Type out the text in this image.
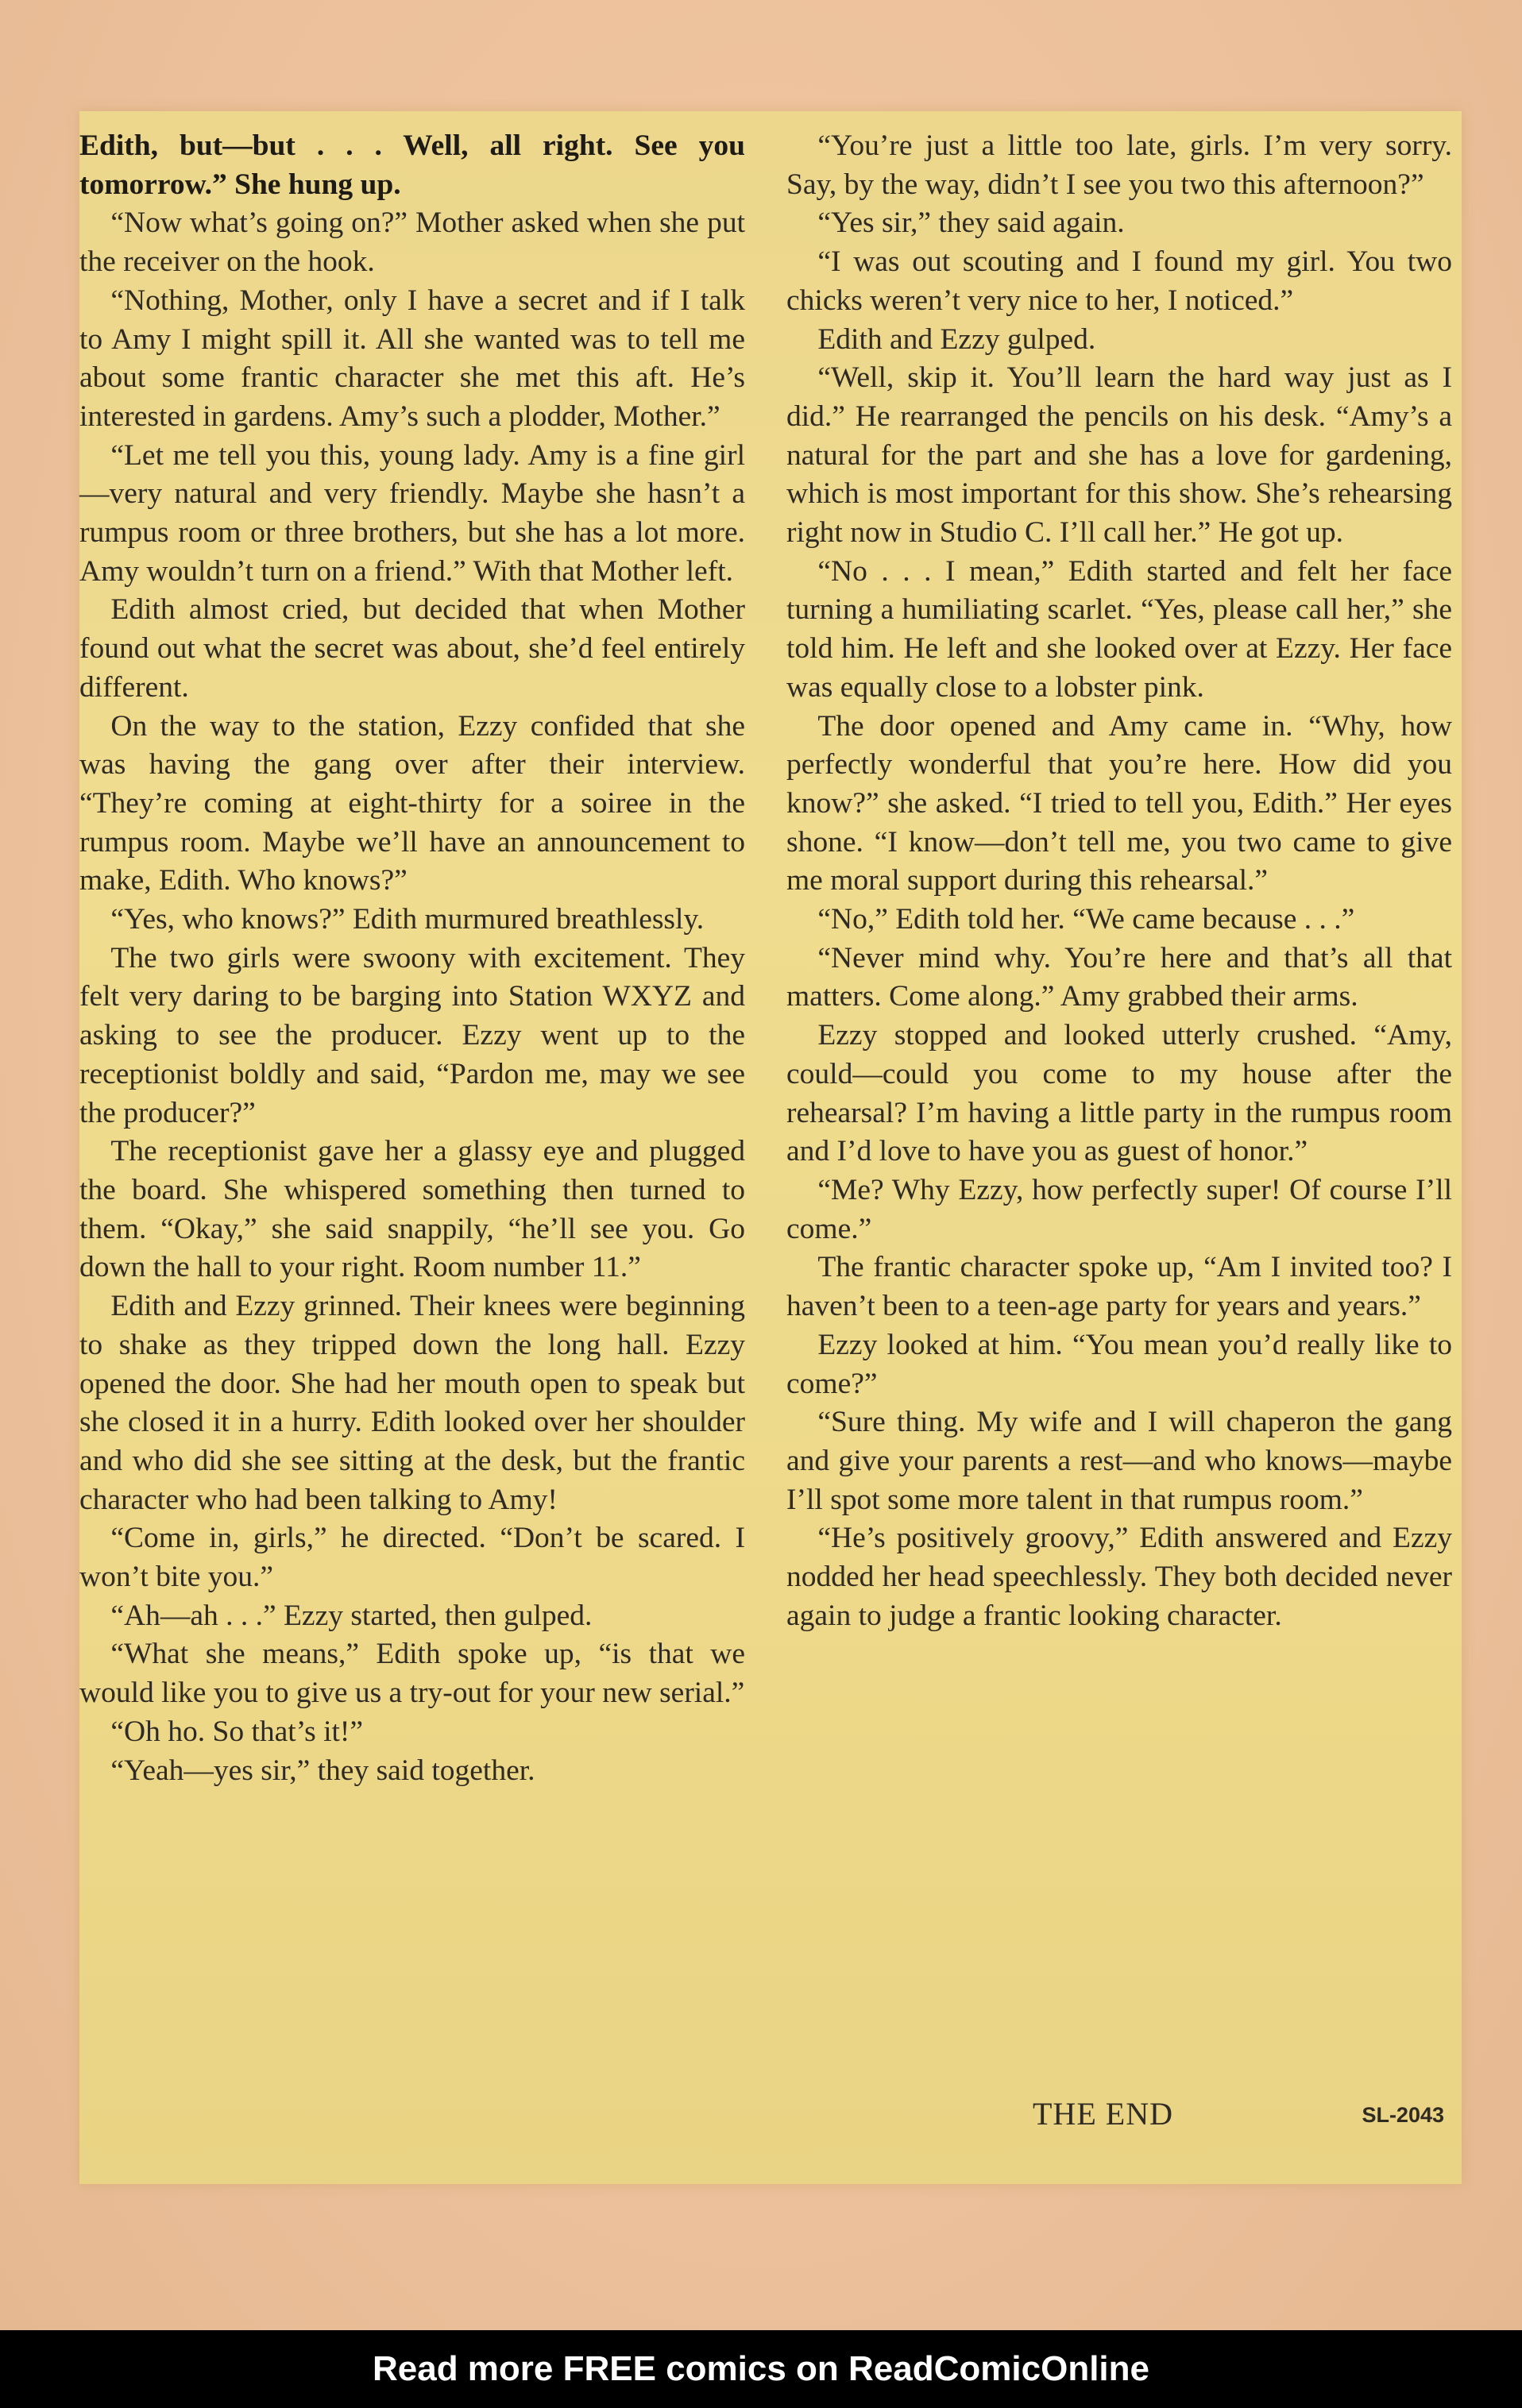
Edith, but—but . . . Well, all right. See you tomorrow.” She hung up.

“Now what’s going on?” Mother asked when she put the receiver on the hook.

“Nothing, Mother, only I have a secret and if I talk to Amy I might spill it. All she wanted was to tell me about some frantic character she met this aft. He’s interested in gardens. Amy’s such a plodder, Mother.”

“Let me tell you this, young lady. Amy is a fine girl—very natural and very friendly. Maybe she hasn’t a rumpus room or three brothers, but she has a lot more. Amy wouldn’t turn on a friend.” With that Mother left.

Edith almost cried, but decided that when Mother found out what the secret was about, she’d feel entirely different.

On the way to the station, Ezzy confided that she was having the gang over after their interview. “They’re coming at eight-thirty for a soiree in the rumpus room. Maybe we’ll have an announcement to make, Edith. Who knows?”

“Yes, who knows?” Edith murmured breathlessly.

The two girls were swoony with excitement. They felt very daring to be barging into Station WXYZ and asking to see the producer. Ezzy went up to the receptionist boldly and said, “Pardon me, may we see the producer?”

The receptionist gave her a glassy eye and plugged the board. She whispered something then turned to them. “Okay,” she said snappily, “he’ll see you. Go down the hall to your right. Room number 11.”

Edith and Ezzy grinned. Their knees were beginning to shake as they tripped down the long hall. Ezzy opened the door. She had her mouth open to speak but she closed it in a hurry. Edith looked over her shoulder and who did she see sitting at the desk, but the frantic character who had been talking to Amy!

“Come in, girls,” he directed. “Don’t be scared. I won’t bite you.”

“Ah—ah . . .” Ezzy started, then gulped.

“What she means,” Edith spoke up, “is that we would like you to give us a try-out for your new serial.”

“Oh ho. So that’s it!”

“Yeah—yes sir,” they said together.

“You’re just a little too late, girls. I’m very sorry. Say, by the way, didn’t I see you two this afternoon?”

“Yes sir,” they said again.

“I was out scouting and I found my girl. You two chicks weren’t very nice to her, I noticed.”

Edith and Ezzy gulped.

“Well, skip it. You’ll learn the hard way just as I did.” He rearranged the pencils on his desk. “Amy’s a natural for the part and she has a love for gardening, which is most important for this show. She’s rehearsing right now in Studio C. I’ll call her.” He got up.

“No . . . I mean,” Edith started and felt her face turning a humiliating scarlet. “Yes, please call her,” she told him. He left and she looked over at Ezzy. Her face was equally close to a lobster pink.

The door opened and Amy came in. “Why, how perfectly wonderful that you’re here. How did you know?” she asked. “I tried to tell you, Edith.” Her eyes shone. “I know—don’t tell me, you two came to give me moral support during this rehearsal.”

“No,” Edith told her. “We came because . . .”

“Never mind why. You’re here and that’s all that matters. Come along.” Amy grabbed their arms.

Ezzy stopped and looked utterly crushed. “Amy, could—could you come to my house after the rehearsal? I’m having a little party in the rumpus room and I’d love to have you as guest of honor.”

“Me? Why Ezzy, how perfectly super! Of course I’ll come.”

The frantic character spoke up, “Am I invited too? I haven’t been to a teen-age party for years and years.”

Ezzy looked at him. “You mean you’d really like to come?”

“Sure thing. My wife and I will chaperon the gang and give your parents a rest—and who knows—maybe I’ll spot some more talent in that rumpus room.”

“He’s positively groovy,” Edith answered and Ezzy nodded her head speechlessly. They both decided never again to judge a frantic looking character.

THE END	SL-2043
Read more FREE comics on ReadComicOnline
